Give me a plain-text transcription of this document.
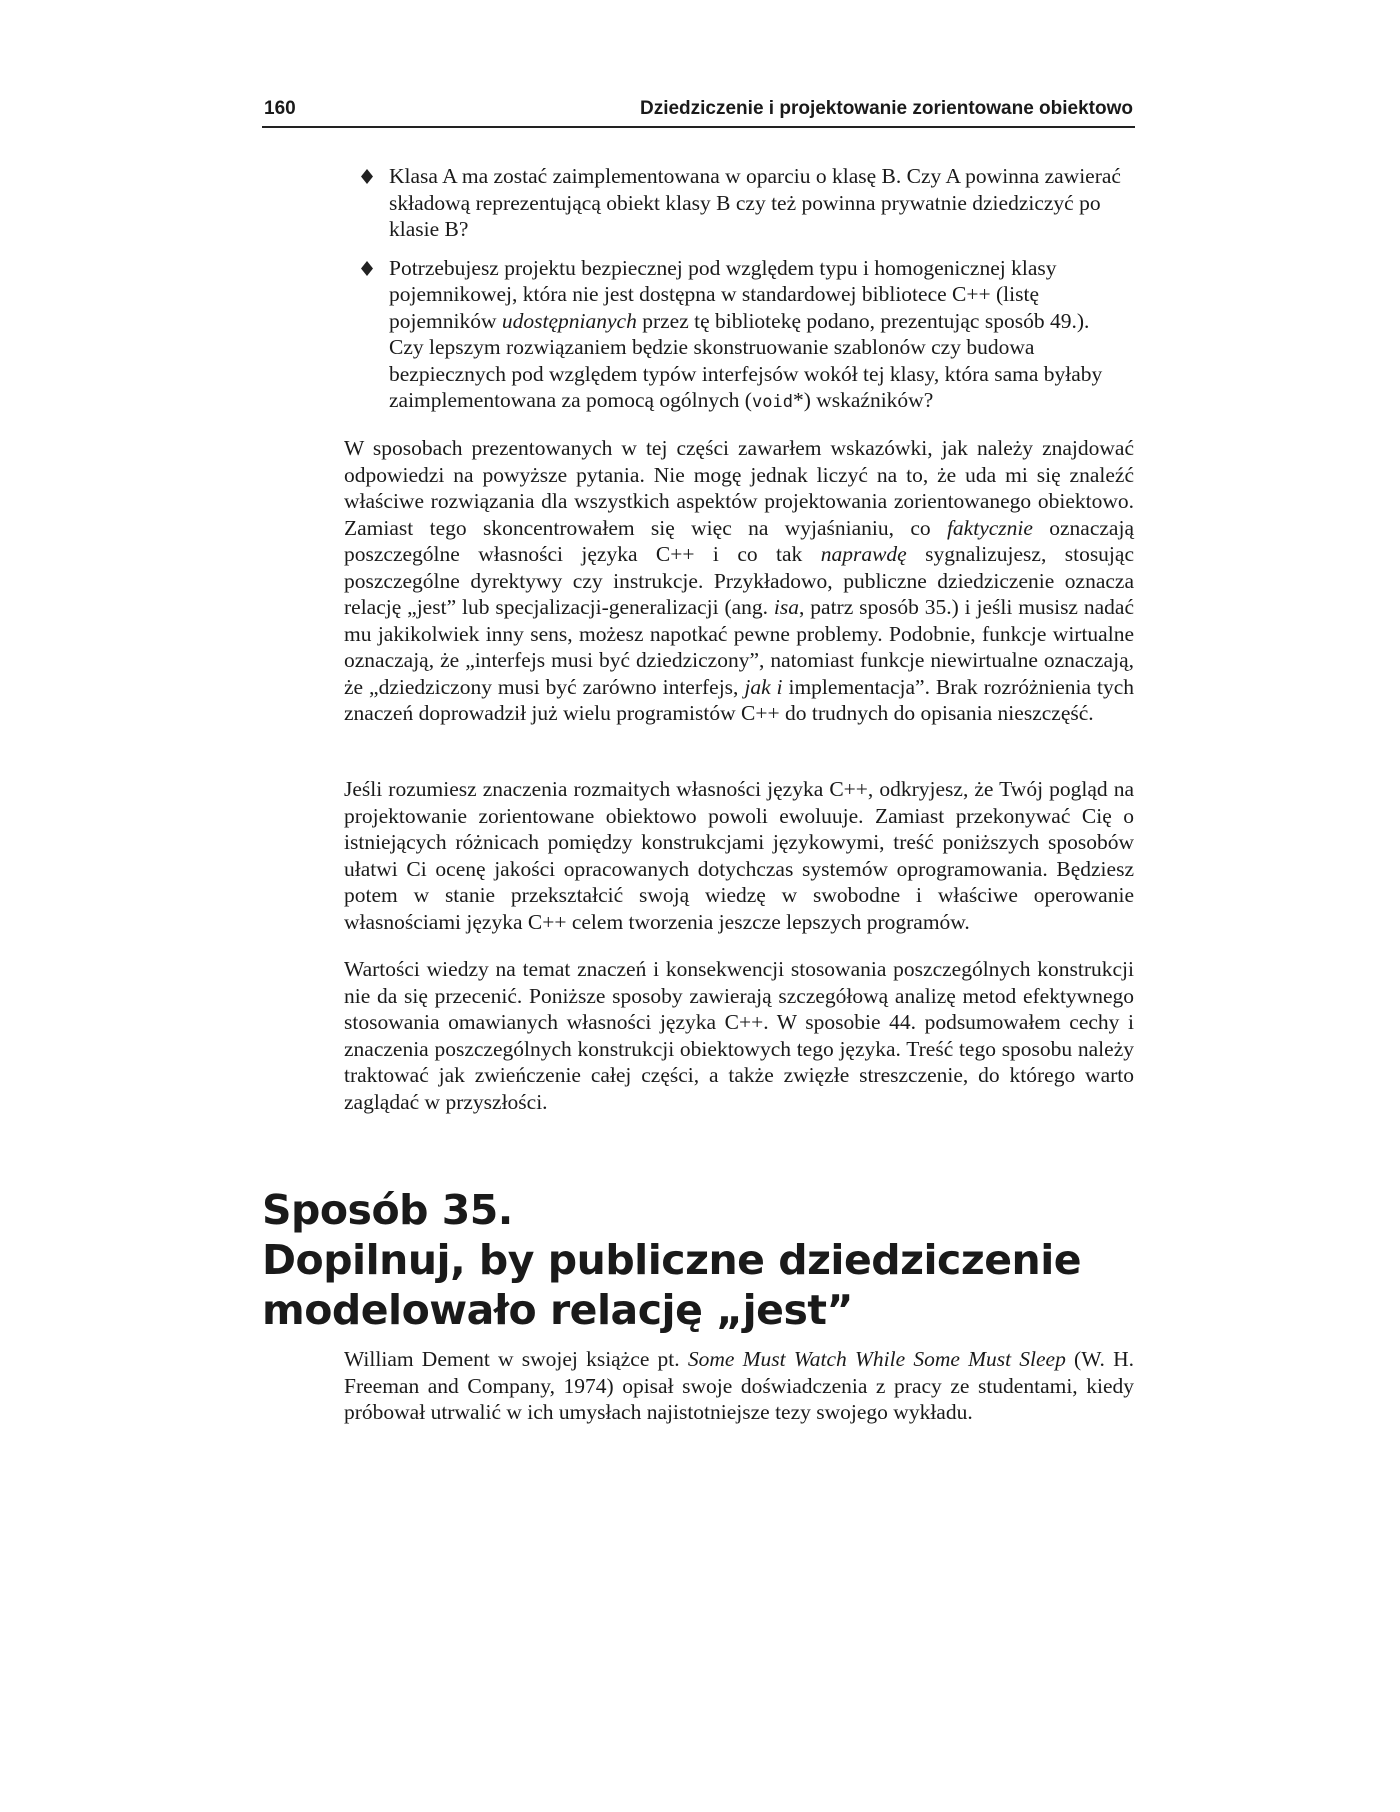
160	Dziedziczenie i projektowanie zorientowane obiektowo
Klasa A ma zostać zaimplementowana w oparciu o klasę B. Czy A powinna zawierać składową reprezentującą obiekt klasy B czy też powinna prywatnie dziedziczyć po klasie B?
Potrzebujesz projektu bezpiecznej pod względem typu i homogenicznej klasy pojemnikowej, która nie jest dostępna w standardowej bibliotece C++ (listę pojemników udostępnianych przez tę bibliotekę podano, prezentując sposób 49.). Czy lepszym rozwiązaniem będzie skonstruowanie szablonów czy budowa bezpiecznych pod względem typów interfejsów wokół tej klasy, która sama byłaby zaimplementowana za pomocą ogólnych (void*) wskaźników?

W sposobach prezentowanych w tej części zawarłem wskazówki, jak należy znajdować odpowiedzi na powyższe pytania. Nie mogę jednak liczyć na to, że uda mi się znaleźć właściwe rozwiązania dla wszystkich aspektów projektowania zorientowanego obiektowo. Zamiast tego skoncentrowałem się więc na wyjaśnianiu, co faktycznie oznaczają poszczególne własności języka C++ i co tak naprawdę sygnalizujesz, stosując poszczególne dyrektywy czy instrukcje. Przykładowo, publiczne dziedziczenie oznacza relację „jest” lub specjalizacji-generalizacji (ang. isa, patrz sposób 35.) i jeśli musisz nadać mu jakikolwiek inny sens, możesz napotkać pewne problemy. Podobnie, funkcje wirtualne oznaczają, że „interfejs musi być dziedziczony”, natomiast funkcje niewirtualne oznaczają, że „dziedziczony musi być zarówno interfejs, jak i implementacja”. Brak rozróżnienia tych znaczeń doprowadził już wielu programistów C++ do trudnych do opisania nieszczęść.

Jeśli rozumiesz znaczenia rozmaitych własności języka C++, odkryjesz, że Twój pogląd na projektowanie zorientowane obiektowo powoli ewoluuje. Zamiast przekonywać Cię o istniejących różnicach pomiędzy konstrukcjami językowymi, treść poniższych sposobów ułatwi Ci ocenę jakości opracowanych dotychczas systemów oprogramowania. Będziesz potem w stanie przekształcić swoją wiedzę w swobodne i właściwe operowanie własnościami języka C++ celem tworzenia jeszcze lepszych programów.

Wartości wiedzy na temat znaczeń i konsekwencji stosowania poszczególnych konstrukcji nie da się przecenić. Poniższe sposoby zawierają szczegółową analizę metod efektywnego stosowania omawianych własności języka C++. W sposobie 44. podsumowałem cechy i znaczenia poszczególnych konstrukcji obiektowych tego języka. Treść tego sposobu należy traktować jak zwieńczenie całej części, a także zwięzłe streszczenie, do którego warto zaglądać w przyszłości.

Sposób 35.
Dopilnuj, by publiczne dziedziczenie
modelowało relację „jest”

William Dement w swojej książce pt. Some Must Watch While Some Must Sleep (W. H. Freeman and Company, 1974) opisał swoje doświadczenia z pracy ze studentami, kiedy próbował utrwalić w ich umysłach najistotniejsze tezy swojego wykładu.
